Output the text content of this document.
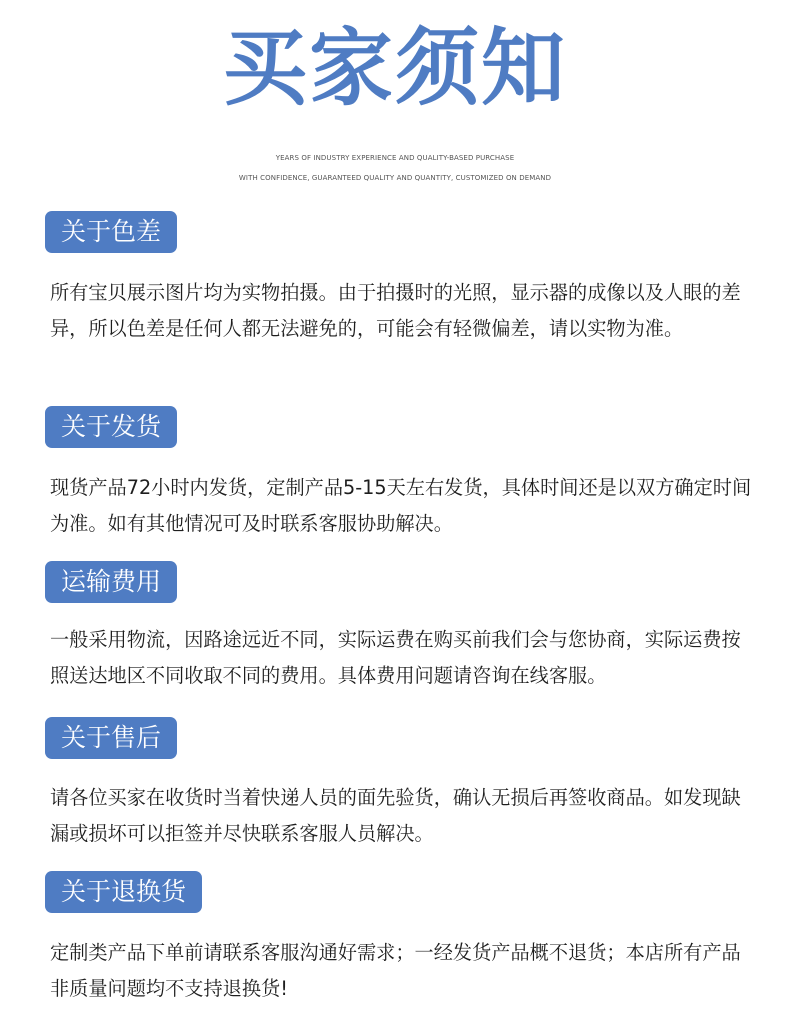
买家须知
YEARS OF INDUSTRY EXPERIENCE AND QUALITY-BASED PURCHASE
WITH CONFIDENCE, GUARANTEED QUALITY AND QUANTITY, CUSTOMIZED ON DEMAND
关于色差
所有宝贝展示图片均为实物拍摄。由于拍摄时的光照，显示器的成像以及人眼的差异，所以色差是任何人都无法避免的，可能会有轻微偏差，请以实物为准。
关于发货
现货产品72小时内发货，定制产品5-15天左右发货，具体时间还是以双方确定时间为准。如有其他情况可及时联系客服协助解决。
运输费用
一般采用物流，因路途远近不同，实际运费在购买前我们会与您协商，实际运费按照送达地区不同收取不同的费用。具体费用问题请咨询在线客服。
关于售后
请各位买家在收货时当着快递人员的面先验货，确认无损后再签收商品。如发现缺漏或损坏可以拒签并尽快联系客服人员解决。
关于退换货
定制类产品下单前请联系客服沟通好需求；一经发货产品概不退货；本店所有产品非质量问题均不支持退换货!
